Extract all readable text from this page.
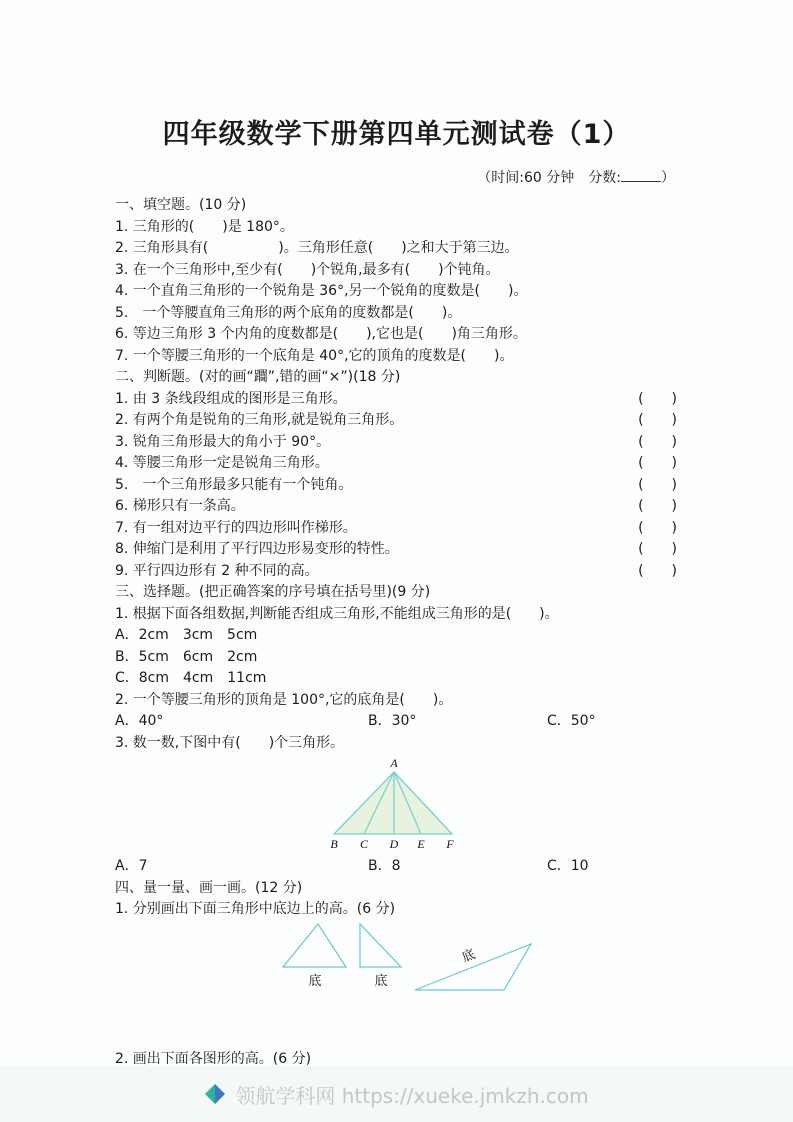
四年级数学下册第四单元测试卷（1）
（时间:60 分钟　分数:	）
一、填空题。(10 分)
1. 三角形的(　　)是 180°。
2. 三角形具有(　　　　　)。三角形任意(　　)之和大于第三边。
3. 在一个三角形中,至少有(　　)个锐角,最多有(　　)个钝角。
4. 一个直角三角形的一个锐角是 36°,另一个锐角的度数是(　　)。
5.　一个等腰直角三角形的两个底角的度数都是(　　)。
6. 等边三角形 3 个内角的度数都是(　　),它也是(　　)角三角形。
7. 一个等腰三角形的一个底角是 40°,它的顶角的度数是(　　)。
二、判断题。(对的画“躢”,错的画“×”)(18 分)
1. 由 3 条线段组成的图形是三角形。	(　　)
2. 有两个角是锐角的三角形,就是锐角三角形。	(　　)
3. 锐角三角形最大的角小于 90°。	(　　)
4. 等腰三角形一定是锐角三角形。	(　　)
5.　一个三角形最多只能有一个钝角。	(　　)
6. 梯形只有一条高。	(　　)
7. 有一组对边平行的四边形叫作梯形。	(　　)
8. 伸缩门是利用了平行四边形易变形的特性。	(　　)
9. 平行四边形有 2 种不同的高。	(　　)
三、选择题。(把正确答案的序号填在括号里)(9 分)
1. 根据下面各组数据,判断能否组成三角形,不能组成三角形的是(　　)。
A．2cm　3cm　5cm
B．5cm　6cm　2cm
C．8cm　4cm　11cm
2. 一个等腰三角形的顶角是 100°,它的底角是(　　)。
A．40°	B．30°	C．50°
3. 数一数,下图中有(　　)个三角形。
A
B C D E F
A．7	B．8	C．10
四、量一量、画一画。(12 分)
1. 分别画出下面三角形中底边上的高。(6 分)
底	底
底
2. 画出下面各图形的高。(6 分)
领航学科网 https://xueke.jmkzh.com
